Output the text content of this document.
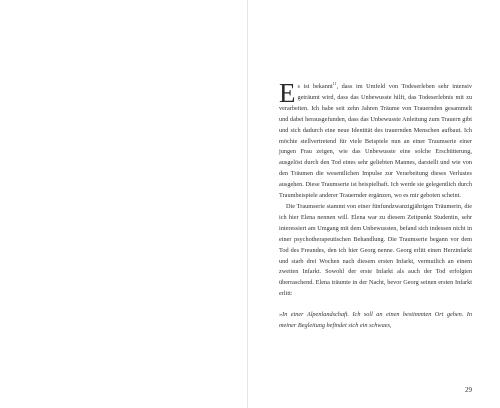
Es ist bekannt$^{11}$, dass im Umfeld von Todeserleben sehr intensiv geträumt wird, dass das Unbewusste hilft, das Todeserlebnis mit zu verarbeiten. Ich habe seit zehn Jahren Träume von Trauernden gesammelt und dabei herausgefunden, dass das Unbewusste Anleitung zum Trauern gibt und sich dadurch eine neue Identität des trauernden Menschen aufbaut. Ich möchte stellvertretend für viele Beispiele nun an einer Traumserie einer jungen Frau zeigen, wie das Unbewusste eine solche Erschütterung, ausgelöst durch den Tod eines sehr geliebten Mannes, darstellt und wie von den Träumen die wesentlichen Impulse zur Verarbeitung dieses Verlustes ausgehen. Diese Traumserie ist beispielhaft. Ich werde sie gelegentlich durch Traumbeispiele anderer Trauernder ergänzen, wo es mir geboten scheint.

Die Traumserie stammt von einer fünfundzwanzigjährigen Träumerin, die ich hier Elena nennen will. Elena war zu diesem Zeitpunkt Studentin, sehr interessiert am Umgang mit dem Unbewussten, befand sich indessen nicht in einer psychotherapeutischen Behandlung. Die Traumserie begann vor dem Tod des Freundes, den ich hier Georg nenne. Georg erlitt einen Herzinfarkt und starb drei Wochen nach diesem ersten Infarkt, vermutlich an einem zweiten Infarkt. Sowohl der erste Infarkt als auch der Tod erfolgten überraschend. Elena träumte in der Nacht, bevor Georg seinen ersten Infarkt erlitt:

»In einer Alpenlandschaft. Ich soll an einen bestimmten Ort gehen. In meiner Begleitung befindet sich ein schwaes,

29
